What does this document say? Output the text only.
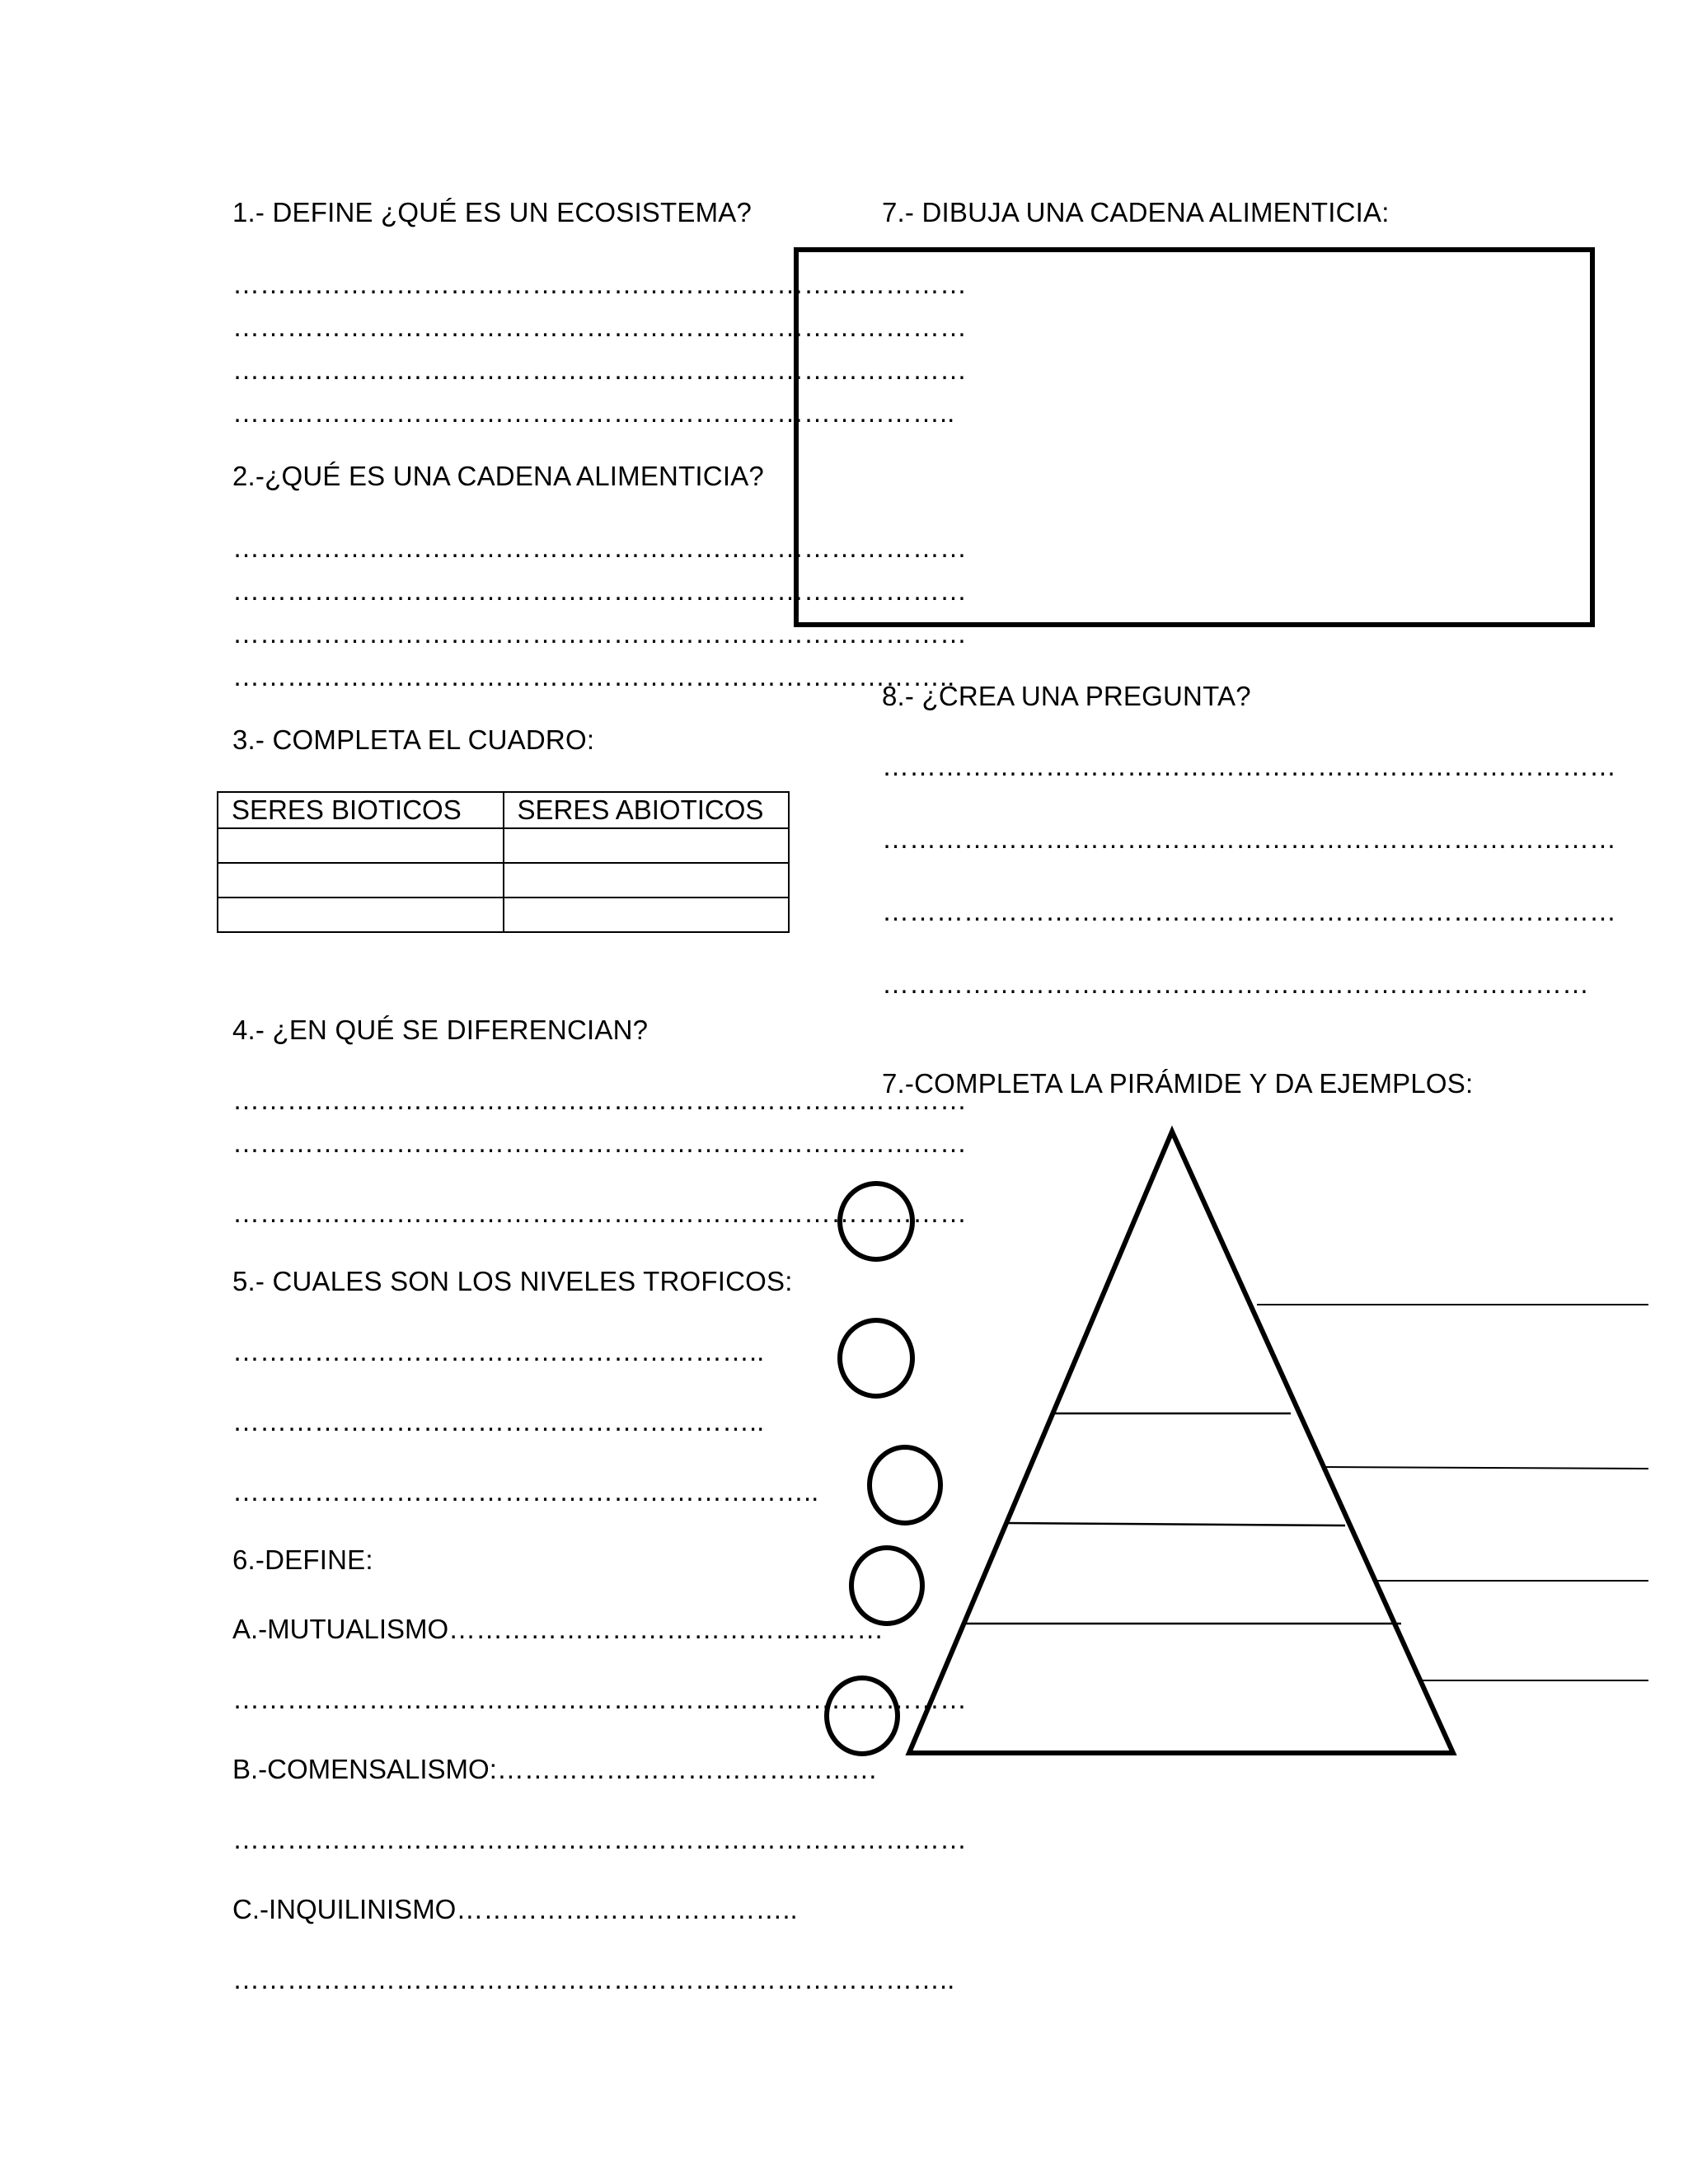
1.- DEFINE ¿QUÉ ES UN ECOSISTEMA?
………………………………………………………………………
………………………………………………………………………
………………………………………………………………………
……………………………………………………………………..
2.-¿QUÉ ES UNA CADENA ALIMENTICIA?
………………………………………………………………………
………………………………………………………………………
………………………………………………………………………
……………………………………………………………………..
3.- COMPLETA EL CUADRO:
SERES BIOTICOS	SERES ABIOTICOS

4.- ¿EN QUÉ SE DIFERENCIAN?
………………………………………………………………………
………………………………………………………………………
………………………………………………………………………
5.- CUALES SON LOS NIVELES TROFICOS:
…………………………………………………..
…………………………………………………..
………………………………………………………..
6.-DEFINE:
A.-MUTUALISMO…………………………………………
………………………………………………………………………
B.-COMENSALISMO:……………………………………
………………………………………………………………………
C.-INQUILINISMO………………………………..
……………………………………………………………………..
7.- DIBUJA UNA CADENA ALIMENTICIA:
8.- ¿CREA UNA PREGUNTA?
………………………………………………………………………
………………………………………………………………………
………………………………………………………………………
……………………………………………………………………
7.-COMPLETA LA PIRÁMIDE Y DA EJEMPLOS:
